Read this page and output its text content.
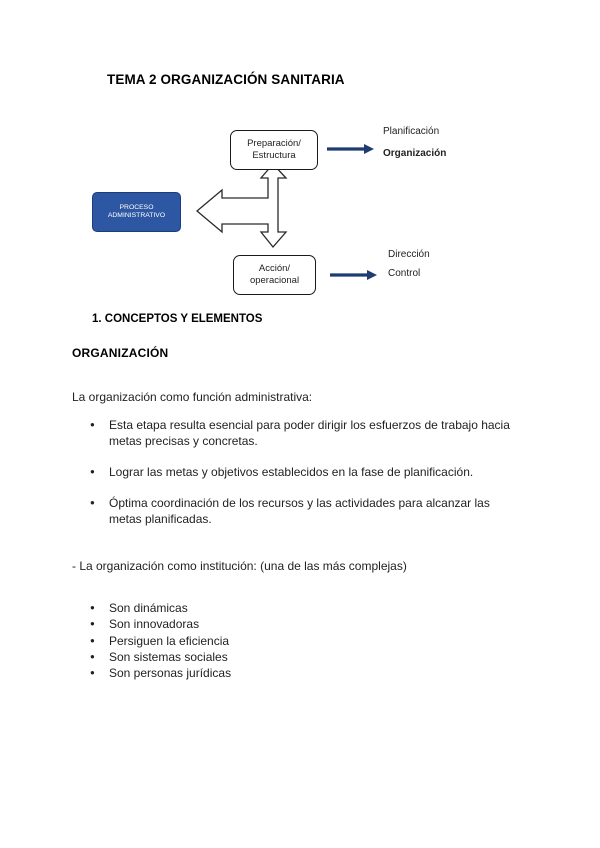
TEMA 2 ORGANIZACIÓN SANITARIA
Preparación/
Estructura
Acción/
operacional
PROCESO
ADMINISTRATIVO
Planificación
Organización
Dirección
Control
1. CONCEPTOS Y ELEMENTOS
ORGANIZACIÓN
La organización como función administrativa:
● Esta etapa resulta esencial para poder dirigir los esfuerzos de trabajo hacia metas precisas y concretas.
● Lograr las metas y objetivos establecidos en la fase de planificación.
● Óptima coordinación de los recursos y las actividades para alcanzar las metas planificadas.
- La organización como institución: (una de las más complejas)
● Son dinámicas
● Son innovadoras
● Persiguen la eficiencia
● Son sistemas sociales
● Son personas jurídicas
